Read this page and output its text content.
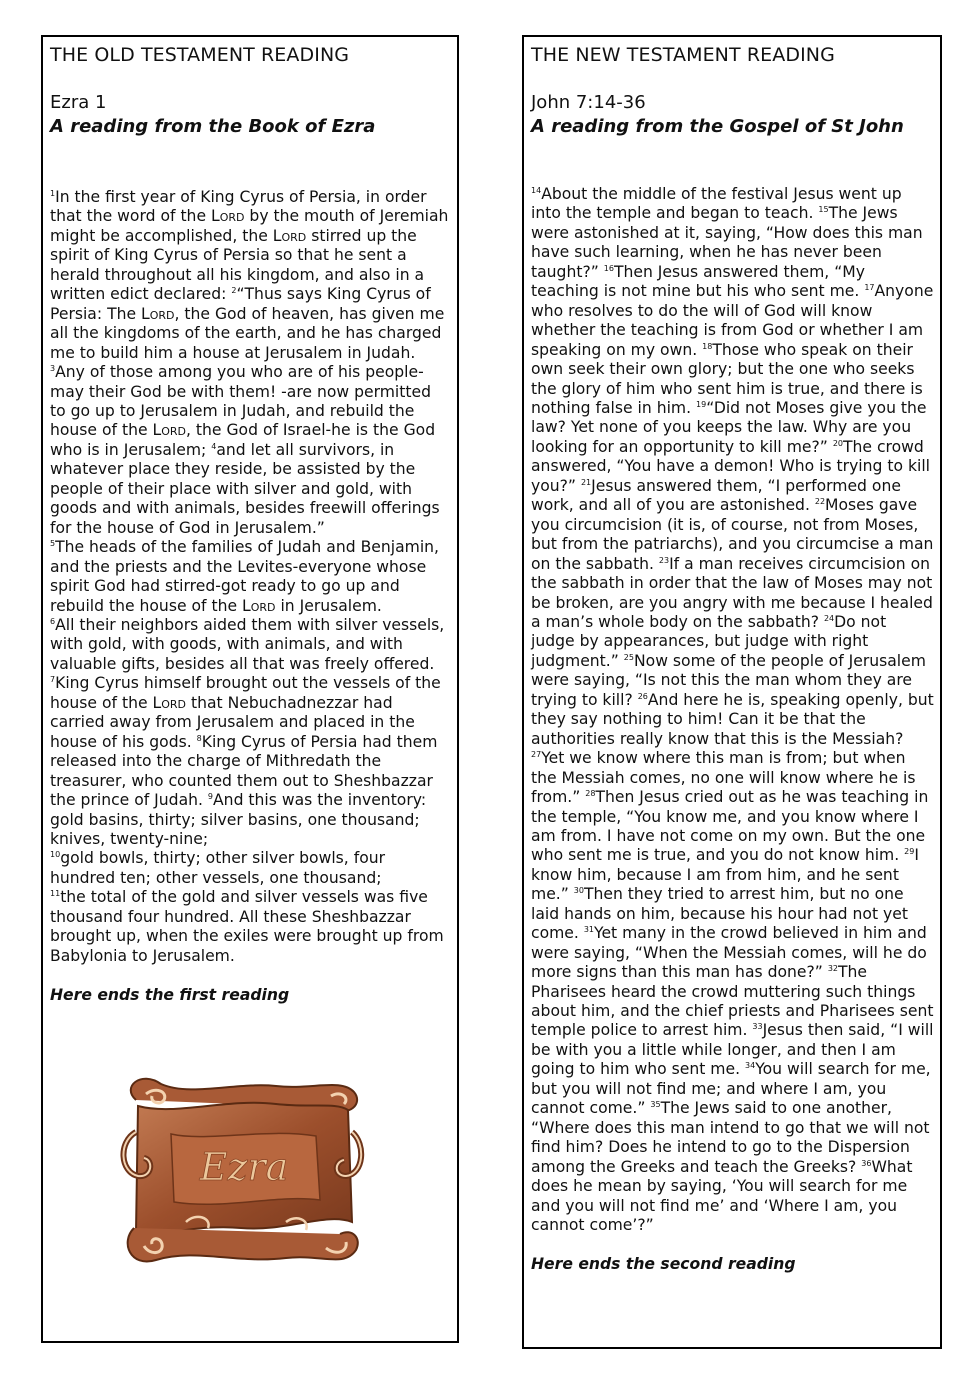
THE OLD TESTAMENT READING

Ezra 1

A reading from the Book of Ezra

$^1$In the first year of King Cyrus of Persia, in order that the word of the Lord by the mouth of Jeremiah might be accomplished, the Lord stirred up the spirit of King Cyrus of Persia so that he sent a herald throughout all his kingdom, and also in a written edict declared: $^2$“Thus says King Cyrus of Persia: The Lord, the God of heaven, has given me all the kingdoms of the earth, and he has charged me to build him a house at Jerusalem in Judah.
$^3$Any of those among you who are of his people-may their God be with them! -are now permitted to go up to Jerusalem in Judah, and rebuild the house of the Lord, the God of Israel-he is the God who is in Jerusalem; $^4$and let all survivors, in whatever place they reside, be assisted by the people of their place with silver and gold, with goods and with animals, besides freewill offerings for the house of God in Jerusalem.”
$^5$The heads of the families of Judah and Benjamin, and the priests and the Levites-everyone whose spirit God had stirred-got ready to go up and rebuild the house of the Lord in Jerusalem.
$^6$All their neighbors aided them with silver vessels, with gold, with goods, with animals, and with valuable gifts, besides all that was freely offered. $^7$King Cyrus himself brought out the vessels of the house of the Lord that Nebuchadnezzar had carried away from Jerusalem and placed in the house of his gods. $^8$King Cyrus of Persia had them released into the charge of Mithredath the treasurer, who counted them out to Sheshbazzar the prince of Judah. $^9$And this was the inventory: gold basins, thirty; silver basins, one thousand; knives, twenty-nine;
$^{10}$gold bowls, thirty; other silver bowls, four hundred ten; other vessels, one thousand;
$^{11}$the total of the gold and silver vessels was five thousand four hundred. All these Sheshbazzar brought up, when the exiles were brought up from Babylonia to Jerusalem.

Here ends the first reading

Ezra
THE NEW TESTAMENT READING

John 7:14-36

A reading from the Gospel of St John

$^{14}$About the middle of the festival Jesus went up into the temple and began to teach. $^{15}$The Jews were astonished at it, saying, “How does this man have such learning, when he has never been taught?” $^{16}$Then Jesus answered them, “My teaching is not mine but his who sent me. $^{17}$Anyone who resolves to do the will of God will know whether the teaching is from God or whether I am speaking on my own. $^{18}$Those who speak on their own seek their own glory; but the one who seeks the glory of him who sent him is true, and there is nothing false in him. $^{19}$“Did not Moses give you the law? Yet none of you keeps the law. Why are you looking for an opportunity to kill me?” $^{20}$The crowd answered, “You have a demon! Who is trying to kill you?” $^{21}$Jesus answered them, “I performed one work, and all of you are astonished. $^{22}$Moses gave you circumcision (it is, of course, not from Moses, but from the patriarchs), and you circumcise a man on the sabbath. $^{23}$If a man receives circumcision on the sabbath in order that the law of Moses may not be broken, are you angry with me because I healed a man’s whole body on the sabbath? $^{24}$Do not judge by appearances, but judge with right judgment.” $^{25}$Now some of the people of Jerusalem were saying, “Is not this the man whom they are trying to kill? $^{26}$And here he is, speaking openly, but they say nothing to him! Can it be that the authorities really know that this is the Messiah? $^{27}$Yet we know where this man is from; but when the Messiah comes, no one will know where he is from.” $^{28}$Then Jesus cried out as he was teaching in the temple, “You know me, and you know where I am from. I have not come on my own. But the one who sent me is true, and you do not know him. $^{29}$I know him, because I am from him, and he sent me.” $^{30}$Then they tried to arrest him, but no one laid hands on him, because his hour had not yet come. $^{31}$Yet many in the crowd believed in him and were saying, “When the Messiah comes, will he do more signs than this man has done?” $^{32}$The Pharisees heard the crowd muttering such things about him, and the chief priests and Pharisees sent temple police to arrest him. $^{33}$Jesus then said, “I will be with you a little while longer, and then I am going to him who sent me. $^{34}$You will search for me, but you will not find me; and where I am, you cannot come.” $^{35}$The Jews said to one another, “Where does this man intend to go that we will not find him? Does he intend to go to the Dispersion among the Greeks and teach the Greeks? $^{36}$What does he mean by saying, ‘You will search for me and you will not find me’ and ‘Where I am, you cannot come’?”

Here ends the second reading
